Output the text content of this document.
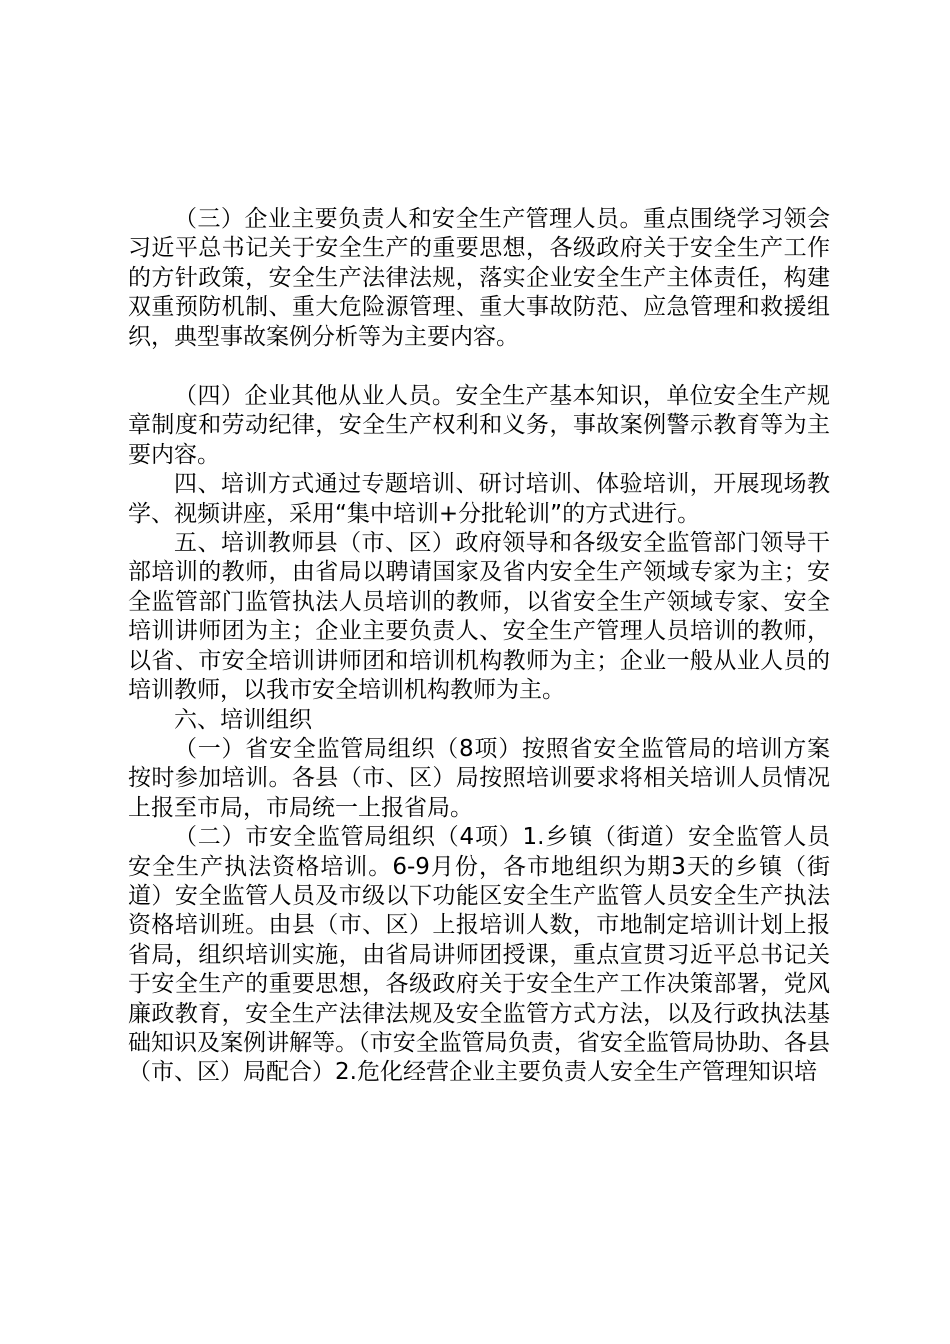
（三）企业主要负责人和安全生产管理人员。重点围绕学习领会习近平总书记关于安全生产的重要思想，各级政府关于安全生产工作的方针政策，安全生产法律法规，落实企业安全生产主体责任，构建双重预防机制、重大危险源管理、重大事故防范、应急管理和救援组织，典型事故案例分析等为主要内容。

（四）企业其他从业人员。安全生产基本知识，单位安全生产规章制度和劳动纪律，安全生产权利和义务，事故案例警示教育等为主要内容。

四、培训方式通过专题培训、研讨培训、体验培训，开展现场教学、视频讲座，采用“集中培训+分批轮训”的方式进行。

五、培训教师县（市、区）政府领导和各级安全监管部门领导干部培训的教师，由省局以聘请国家及省内安全生产领域专家为主；安全监管部门监管执法人员培训的教师，以省安全生产领域专家、安全培训讲师团为主；企业主要负责人、安全生产管理人员培训的教师，以省、市安全培训讲师团和培训机构教师为主；企业一般从业人员的培训教师，以我市安全培训机构教师为主。

六、培训组织

（一）省安全监管局组织（8项）按照省安全监管局的培训方案按时参加培训。各县（市、区）局按照培训要求将相关培训人员情况上报至市局，市局统一上报省局。

（二）市安全监管局组织（4项）1.乡镇（街道）安全监管人员安全生产执法资格培训。6-9月份，各市地组织为期3天的乡镇（街道）安全监管人员及市级以下功能区安全生产监管人员安全生产执法资格培训班。由县（市、区）上报培训人数，市地制定培训计划上报省局，组织培训实施，由省局讲师团授课，重点宣贯习近平总书记关于安全生产的重要思想，各级政府关于安全生产工作决策部署，党风廉政教育，安全生产法律法规及安全监管方式方法，以及行政执法基础知识及案例讲解等。（市安全监管局负责，省安全监管局协助、各县（市、区）局配合）2.危化经营企业主要负责人安全生产管理知识培
